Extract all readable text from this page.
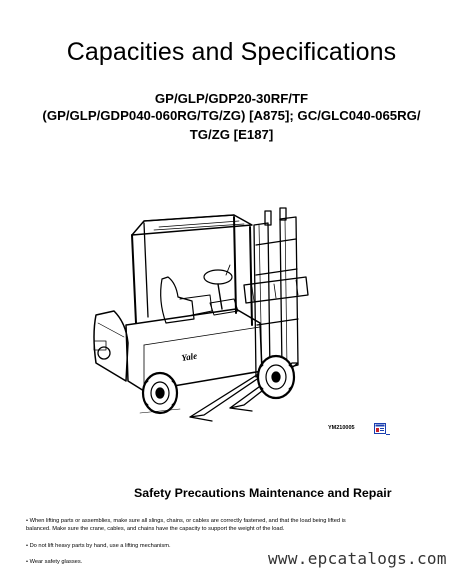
Capacities and Specifications
GP/GLP/GDP20-30RF/TF
(GP/GLP/GDP040-060RG/TG/ZG) [A875]; GC/GLC040-065RG/
TG/ZG [E187]
Yale
YM210005
Safety Precautions Maintenance and Repair
• When lifting parts or assemblies, make sure all slings, chains, or cables are correctly fastened, and that the load being lifted is
balanced. Make sure the crane, cables, and chains have the capacity to support the weight of the load.
• Do not lift heavy parts by hand, use a lifting mechanism.
• Wear safety glasses.	www.epcatalogs.com
